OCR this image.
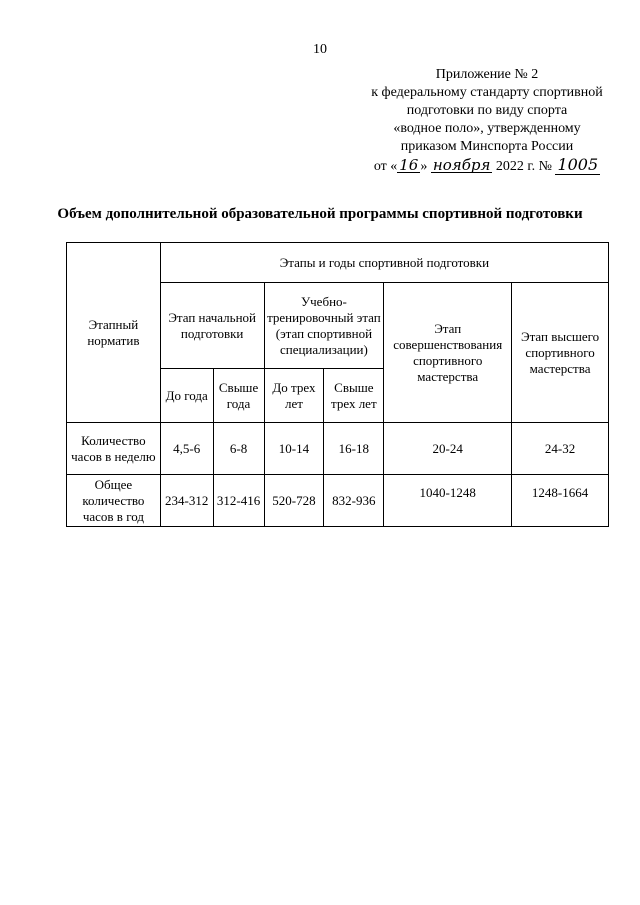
10
Приложение № 2
к федеральному стандарту спортивной
подготовки по виду спорта
«водное поло», утвержденному
приказом Минспорта России
от « 16 » ноября 2022 г. № 1005
Объем дополнительной образовательной программы спортивной подготовки
Этапный норматив	Этапы и годы спортивной подготовки					
	Этап начальной подготовки		Учебно-тренировочный этап (этап спортивной специализации)		Этап совершенствования спортивного мастерства	Этап высшего спортивного мастерства
	До года	Свыше года	До трех лет	Свыше трех лет		
Количество часов в неделю	4,5-6	6-8	10-14	16-18	20-24	24-32
Общее количество часов в год	234-312	312-416	520-728	832-936	1040-1248	1248-1664
